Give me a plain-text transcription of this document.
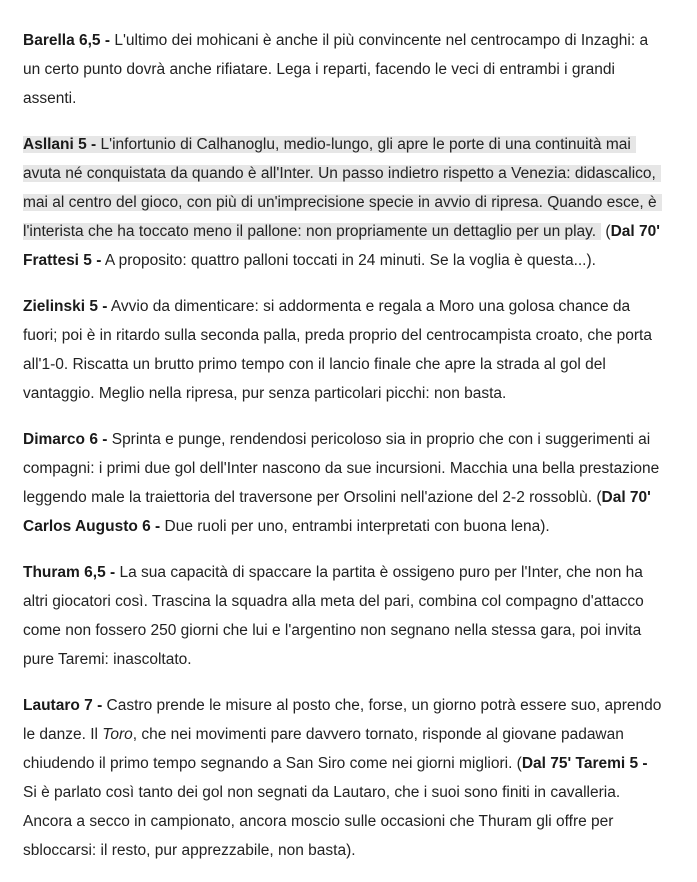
Barella 6,5 - L'ultimo dei mohicani è anche il più convincente nel centrocampo di Inzaghi: a
un certo punto dovrà anche rifiatare. Lega i reparti, facendo le veci di entrambi i grandi
assenti.
Asllani 5 - L'infortunio di Calhanoglu, medio-lungo, gli apre le porte di una continuità mai
avuta né conquistata da quando è all'Inter. Un passo indietro rispetto a Venezia: didascalico,
mai al centro del gioco, con più di un'imprecisione specie in avvio di ripresa. Quando esce, è
l'interista che ha toccato meno il pallone: non propriamente un dettaglio per un play. (Dal 70'
Frattesi 5 - A proposito: quattro palloni toccati in 24 minuti. Se la voglia è questa...).
Zielinski 5 - Avvio da dimenticare: si addormenta e regala a Moro una golosa chance da
fuori; poi è in ritardo sulla seconda palla, preda proprio del centrocampista croato, che porta
all'1-0. Riscatta un brutto primo tempo con il lancio finale che apre la strada al gol del
vantaggio. Meglio nella ripresa, pur senza particolari picchi: non basta.
Dimarco 6 - Sprinta e punge, rendendosi pericoloso sia in proprio che con i suggerimenti ai
compagni: i primi due gol dell'Inter nascono da sue incursioni. Macchia una bella prestazione
leggendo male la traiettoria del traversone per Orsolini nell'azione del 2-2 rossoblù. (Dal 70'
Carlos Augusto 6 - Due ruoli per uno, entrambi interpretati con buona lena).
Thuram 6,5 - La sua capacità di spaccare la partita è ossigeno puro per l'Inter, che non ha
altri giocatori così. Trascina la squadra alla meta del pari, combina col compagno d'attacco
come non fossero 250 giorni che lui e l'argentino non segnano nella stessa gara, poi invita
pure Taremi: inascoltato.
Lautaro 7 - Castro prende le misure al posto che, forse, un giorno potrà essere suo, aprendo
le danze. Il Toro, che nei movimenti pare davvero tornato, risponde al giovane padawan
chiudendo il primo tempo segnando a San Siro come nei giorni migliori. (Dal 75' Taremi 5 -
Si è parlato così tanto dei gol non segnati da Lautaro, che i suoi sono finiti in cavalleria.
Ancora a secco in campionato, ancora moscio sulle occasioni che Thuram gli offre per
sbloccarsi: il resto, pur apprezzabile, non basta).
